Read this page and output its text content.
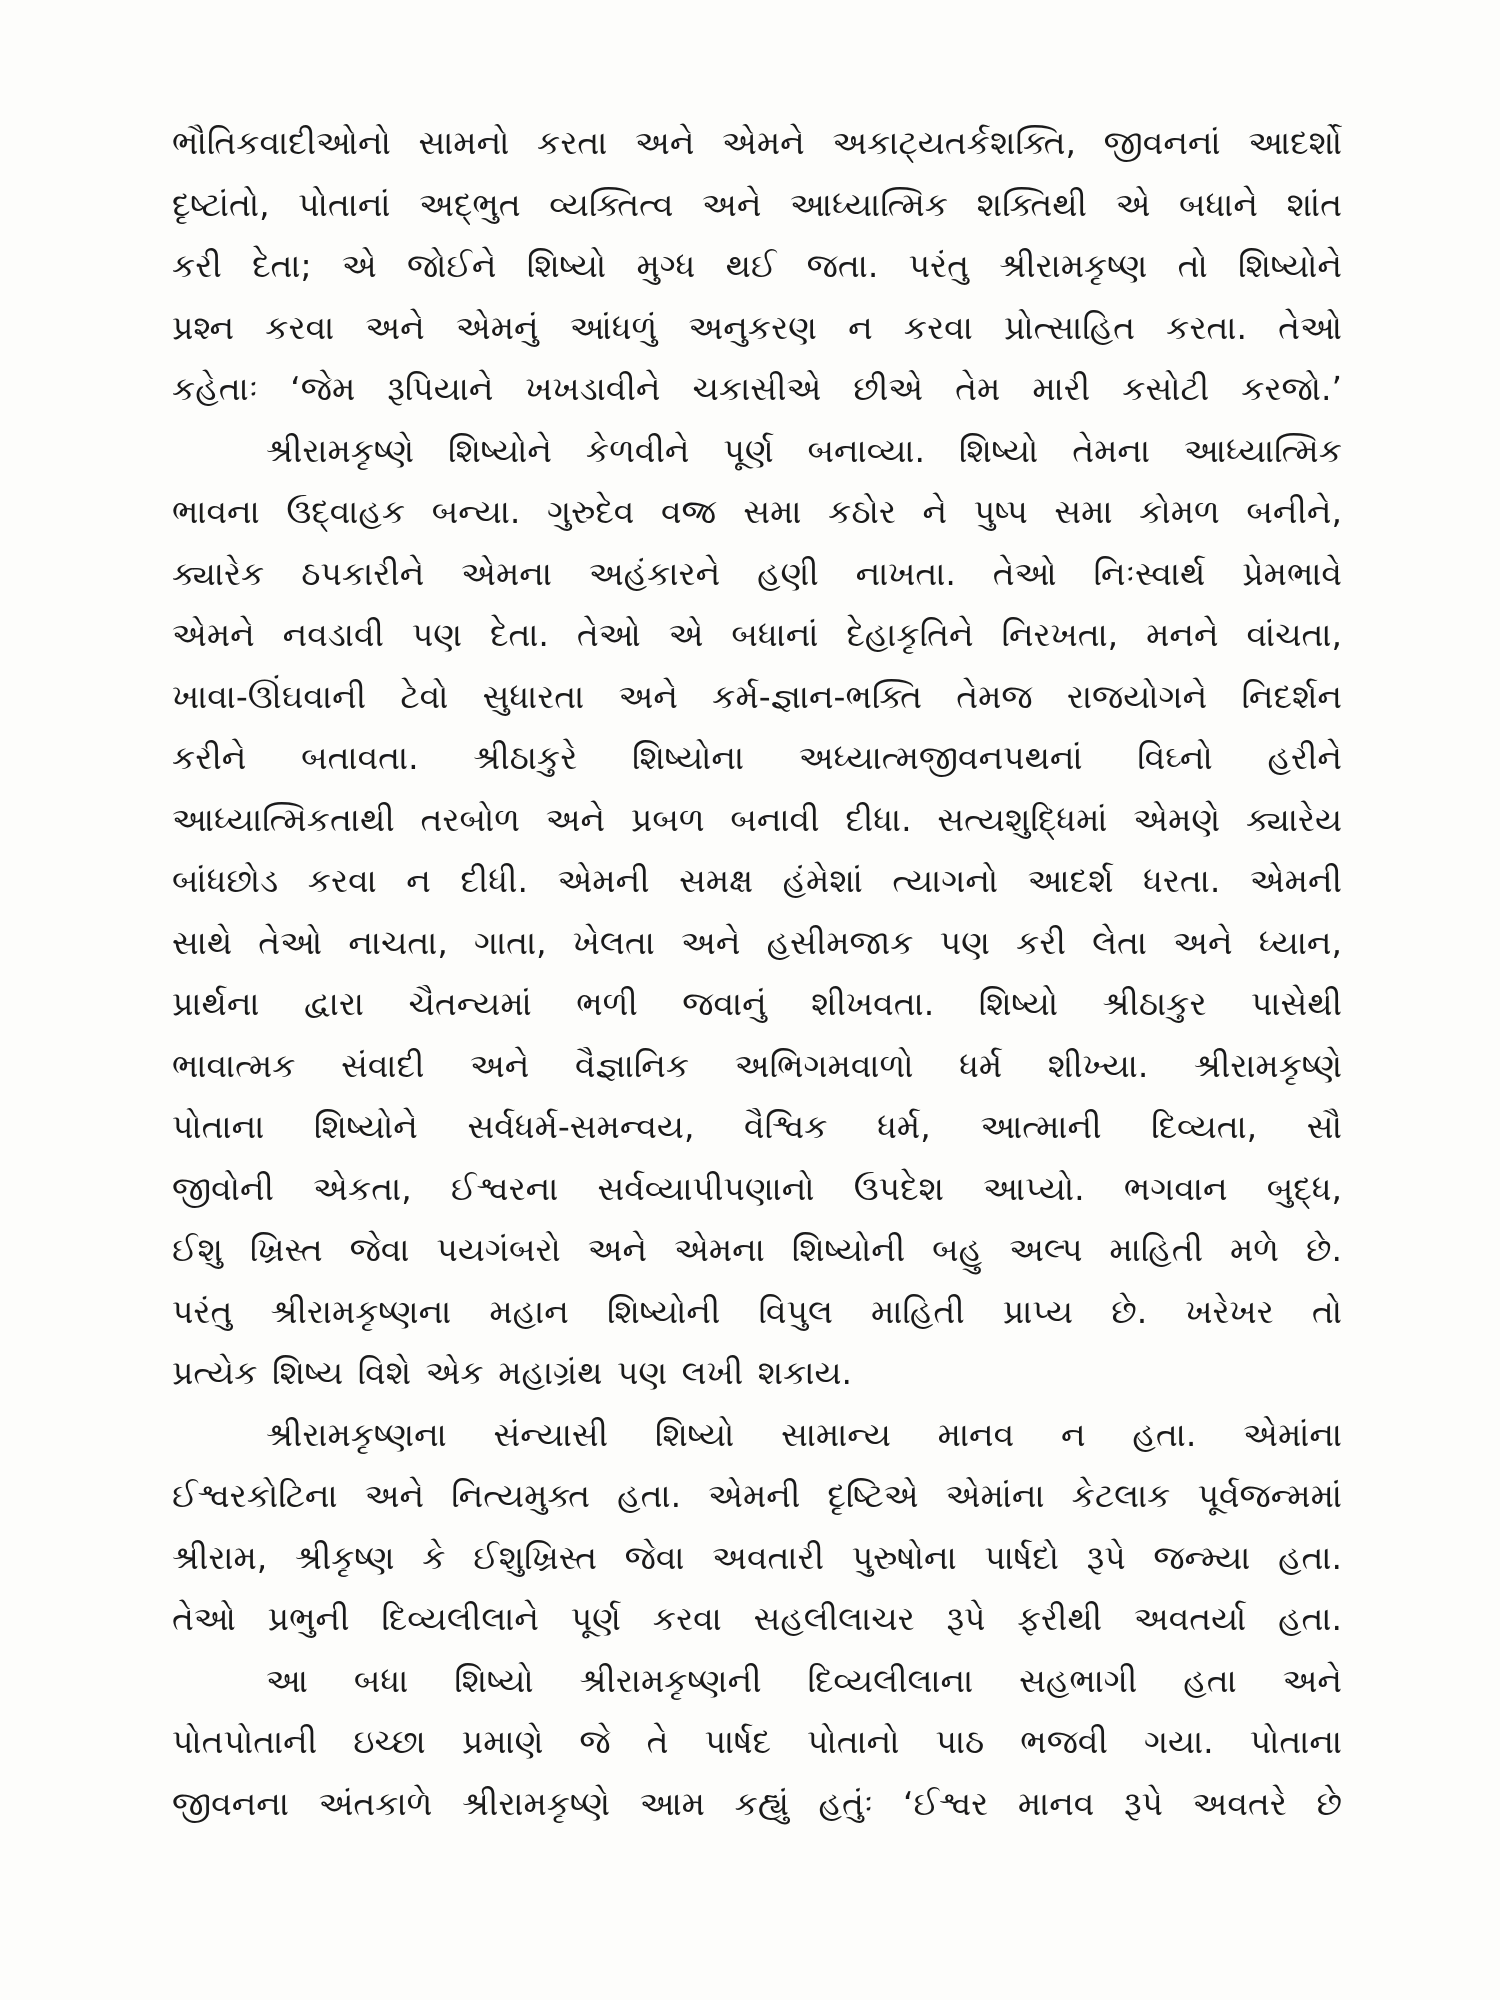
ભૌતિકવાદીઓનો સામનો કરતા અને એમને અકાટ્યતર્કશક્તિ, જીવનનાં આદર્શો
દૃષ્ટાંતો, પોતાનાં અદ્‌ભુત વ્યક્તિત્વ અને આધ્યાત્મિક શક્તિથી એ બધાને શાંત
કરી દેતા; એ જોઈને શિષ્યો મુગ્ધ થઈ જતા. પરંતુ શ્રીરામકૃષ્ણ તો શિષ્યોને
પ્રશ્ન કરવા અને એમનું આંધળું અનુકરણ ન કરવા પ્રોત્સાહિત કરતા. તેઓ
કહેતાઃ ‘જેમ રૂપિયાને ખખડાવીને ચકાસીએ છીએ તેમ મારી કસોટી કરજો.’
શ્રીરામકૃષ્ણે શિષ્યોને કેળવીને પૂર્ણ બનાવ્યા. શિષ્યો તેમના આધ્યાત્મિક
ભાવના ઉદ્‌વાહક બન્યા. ગુરુદેવ વજ્ર સમા કઠોર ને પુષ્પ સમા કોમળ બનીને,
ક્યારેક ઠપકારીને એમના અહંકારને હણી નાખતા. તેઓ નિઃસ્વાર્થ પ્રેમભાવે
એમને નવડાવી પણ દેતા. તેઓ એ બધાનાં દેહાકૃતિને નિરખતા, મનને વાંચતા,
ખાવા-ઊંઘવાની ટેવો સુધારતા અને કર્મ-જ્ઞાન-ભક્તિ તેમજ રાજયોગને નિદર્શન
કરીને બતાવતા. શ્રીઠાકુરે શિષ્યોના અધ્યાત્મજીવનપથનાં વિઘ્નો હરીને
આધ્યાત્મિકતાથી તરબોળ અને પ્રબળ બનાવી દીધા. સત્યશુદ્ધિમાં એમણે ક્યારેય
બાંધછોડ કરવા ન દીધી. એમની સમક્ષ હંમેશાં ત્યાગનો આદર્શ ધરતા. એમની
સાથે તેઓ નાચતા, ગાતા, ખેલતા અને હસીમજાક પણ કરી લેતા અને ધ્યાન,
પ્રાર્થના દ્વારા ચૈતન્યમાં ભળી જવાનું શીખવતા. શિષ્યો શ્રીઠાકુર પાસેથી
ભાવાત્મક સંવાદી અને વૈજ્ઞાનિક અભિગમવાળો ધર્મ શીખ્યા. શ્રીરામકૃષ્ણે
પોતાના શિષ્યોને સર્વધર્મ-સમન્વય, વૈશ્વિક ધર્મ, આત્માની દિવ્યતા, સૌ
જીવોની એકતા, ઈશ્વરના સર્વવ્યાપીપણાનો ઉપદેશ આપ્યો. ભગવાન બુદ્ધ,
ઈશુ ખ્રિસ્ત જેવા પયગંબરો અને એમના શિષ્યોની બહુ અલ્પ માહિતી મળે છે.
પરંતુ શ્રીરામકૃષ્ણના મહાન શિષ્યોની વિપુલ માહિતી પ્રાપ્ય છે. ખરેખર તો
પ્રત્યેક શિષ્ય વિશે એક મહાગ્રંથ પણ લખી શકાય.
શ્રીરામકૃષ્ણના સંન્યાસી શિષ્યો સામાન્ય માનવ ન હતા. એમાંના
ઈશ્વરકોટિના અને નિત્યમુક્ત હતા. એમની દૃષ્ટિએ એમાંના કેટલાક પૂર્વજન્મમાં
શ્રીરામ, શ્રીકૃષ્ણ કે ઈશુખ્રિસ્ત જેવા અવતારી પુરુષોના પાર્ષદો રૂપે જન્મ્યા હતા.
તેઓ પ્રભુની દિવ્યલીલાને પૂર્ણ કરવા સહલીલાચર રૂપે ફરીથી અવતર્યા હતા.
આ બધા શિષ્યો શ્રીરામકૃષ્ણની દિવ્યલીલાના સહભાગી હતા અને
પોતપોતાની ઇચ્છા પ્રમાણે જે તે પાર્ષદ પોતાનો પાઠ ભજવી ગયા. પોતાના
જીવનના અંતકાળે શ્રીરામકૃષ્ણે આમ કહ્યું હતુંઃ ‘ઈશ્વર માનવ રૂપે અવતરે છે
